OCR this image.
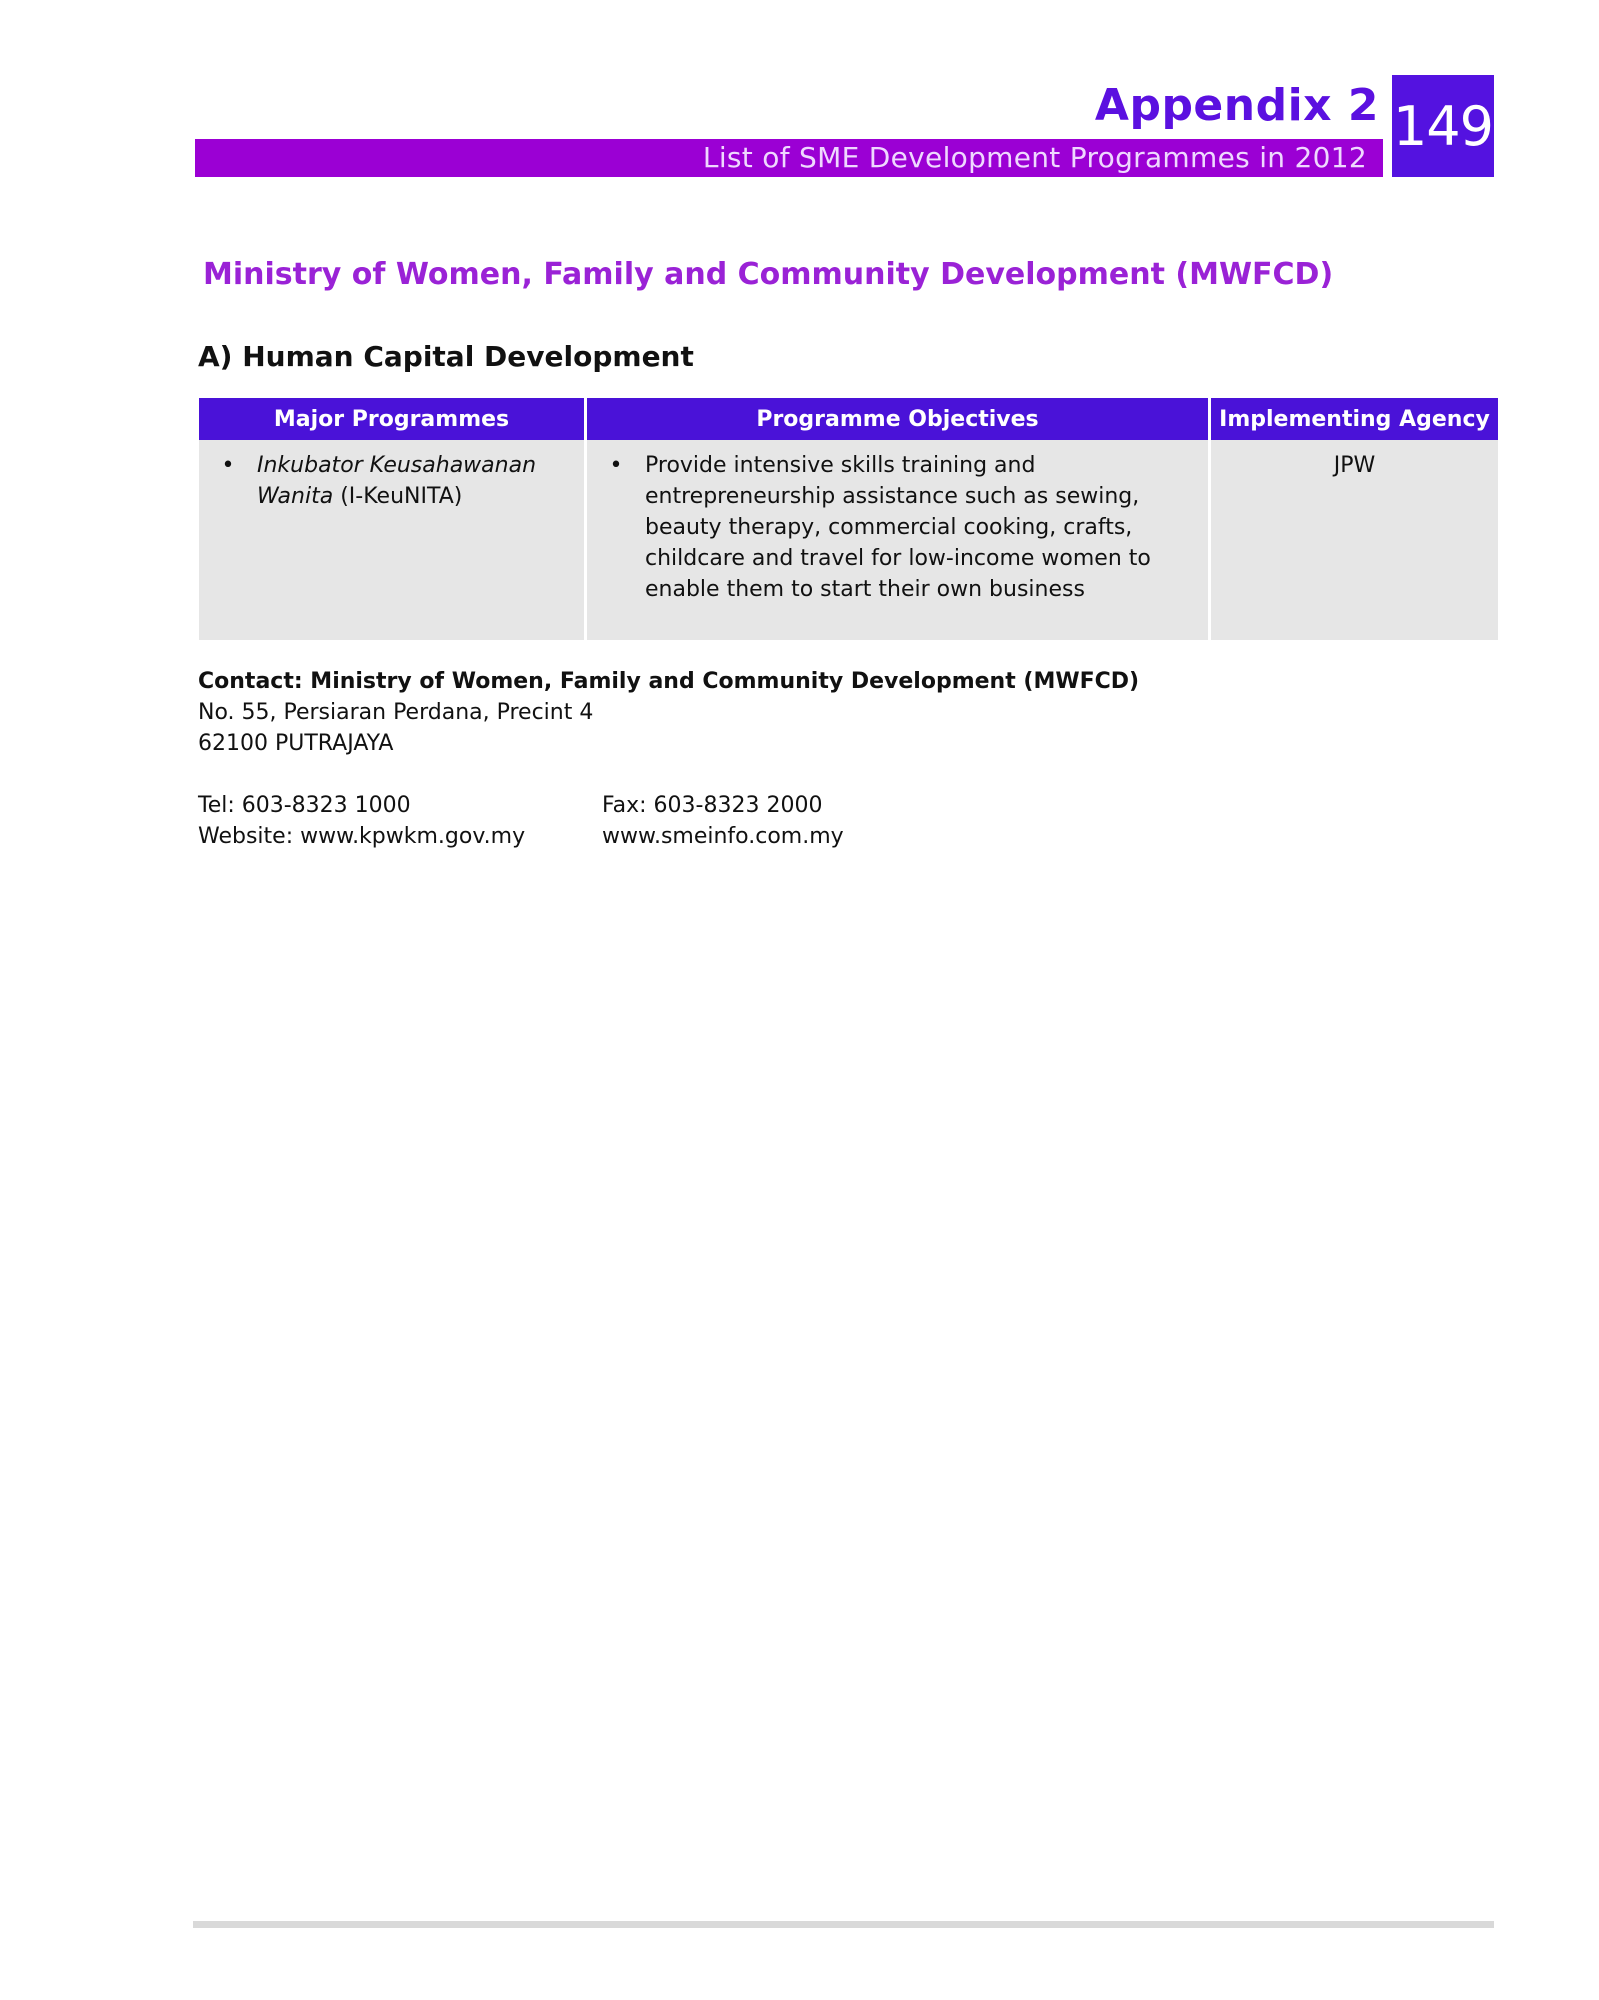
Appendix 2
List of SME Development Programmes in 2012 149
Ministry of Women, Family and Community Development (MWFCD)
A) Human Capital Development
Major Programmes	Programme Objectives	Implementing Agency

• Inkubator Keusahawanan Wanita (I-KeuNITA)	• Provide intensive skills training and entrepreneurship assistance such as sewing, beauty therapy, commercial cooking, crafts, childcare and travel for low-income women to enable them to start their own business	JPW
Contact: Ministry of Women, Family and Community Development (MWFCD)
No. 55, Persiaran Perdana, Precint 4
62100 PUTRAJAYA
Tel: 603-8323 1000	Fax: 603-8323 2000
Website: www.kpwkm.gov.my	www.smeinfo.com.my
